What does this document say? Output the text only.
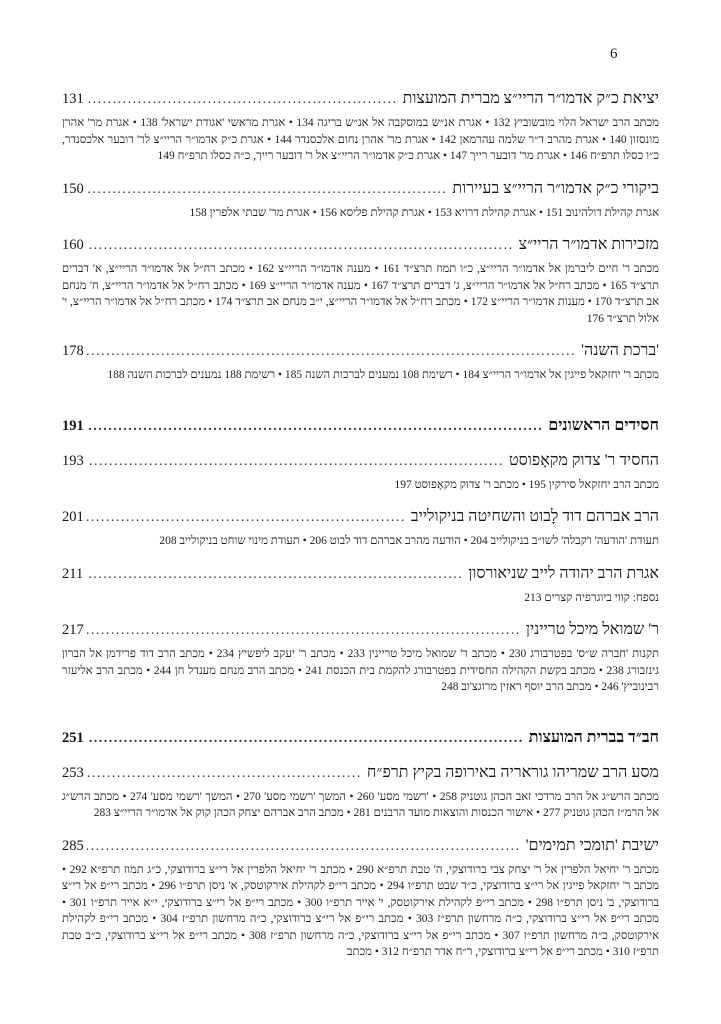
6
יציאת כ״ק אדמו״ר הריי״צ מברית המועצות
.....
131

מכתב הרב ישראל הלוי מובשוביץ 132 • אגרת אנ״ש במוסקבה אל אנ״ש בריגה 134 • אגרת מראשי 'אגודת ישראל' 138 • אגרת מר' אהרן מונסזון 140 • אגרת מהרב ד״ר שלמה עהרמאן 142 • אגרת מר' אהרן נחום אלכסנדר 144 • אגרת כ״ק אדמו״ר הריי״צ לר' דובער אלכסנדר, כ״ו כסלו תרפ״ח 146 • אגרת מר' דובער רייך 147 • אגרת כ״ק אדמו״ר הריי״צ אל ר' דובער רייך, כ״ה כסלו תרפ״ח 149

ביקורי כ״ק אדמו״ר הריי״צ בעיירות
.....
150

אגרת קהילת דולהינוב 151 • אגרת קהילת דרויא 153 • אגרת קהילת פליסא 156 • אגרת מר' שבתי אלפרין 158

מזכירות אדמו״ר הריי״צ
.....
160

מכתב ר' חיים ליברמן אל אדמו״ר הריי״צ, כ״ו תמוז תרצ״ד 161 • מענה אדמו״ר הריי״צ 162 • מכתב רח״ל אל אדמו״ר הריי״צ, א' דברים תרצ״ד 165 • מכתב רח״ל אל אדמו״ר הריי״צ, ג' דברים תרצ״ד 167 • מענה אדמו״ר הריי״צ 169 • מכתב רח״ל אל אדמו״ר הריי״צ, ח' מנחם אב תרצ״ד 170 • מענות אדמו״ר הריי״צ 172 • מכתב רח״ל אל אדמו״ר הריי״צ, י״ב מנחם אב תרצ״ד 174 • מכתב רח״ל אל אדמו״ר הריי״צ, י' אלול תרצ״ד 176

'ברכת השנה'
.....
178

מכתב ר' יחזקאל פייגין אל אדמו״ר הריי״צ 184 • רשימת 108 נמענים לברכות השנה 185 • רשימת 188 נמענים לברכות השנה 188

חסידים הראשונים
.....
191
החסיד ר' צדוק מקאָפוסט
.....
193

מכתב הרב יחזקאל סירקין 195 • מכתב ר' צדוק מקאָפוסט 197

הרב אברהם דוד לָבוט והשחיטה בניקולייב
.....
201

תעודת 'הודעה' ו'קבלה' לשו״ב בניקולייב 204 • הודעה מהרב אברהם דוד לבוט 206 • תעודת מינוי שוחט בניקולייב 208

אגרת הרב יהודה לייב שניאורסון
.....
211

נספח: קווי ביוגרפיה קצרים 213

ר' שמואל מיכל טריינין
.....
217

תקנות 'חברה ש״ס' בפטרבורג 230 • מכתב ר' שמואל מיכל טריינין 233 • מכתב ר' יעקב ליפשיץ 234 • מכתב הרב דוד פרידמן אל הברון גינזבורג 238 • מכתב בקשת הקהילה החסידית בפטרבורג להקמת בית הכנסת 241 • מכתב הרב מנחם מענדל חן 244 • מכתב הרב אליעזר רבינוביץ' 246 • מכתב הרב יוסף ראזין מרוגצ'וב 248

חב״ד בברית המועצות
.....
251
מסע הרב שמריהו גוראריה באירופה בקיץ תרפ״ח
.....
253

מכתב הרש״ג אל הרב מרדכי זאב הכהן גוטניק 258 • 'רשמי מסע' 260 • המשך 'רשמי מסע' 270 • המשך 'רשמי מסע' 274 • מכתב הרש״ג אל הרמ״ז הכהן גוטניק 277 • אישור הכנסות והוצאות מועד הרבנים 281 • מכתב הרב אברהם יצחק הכהן קוק אל אדמו״ר הריי״צ 283

ישיבת 'תומכי תמימים'
.....
285

מכתב ר' יחיאל הלפרין אל ר' יצחק צבי ברודוצקי, ה' טבת תרפ״א 290 • מכתב ר' יחיאל הלפרין אל רי״צ ברודוצקי, כ״ג תמוז תרפ״א 292 • מכתב ר' יחזקאל פייגין אל רי״צ ברודוצקי, כ״ד שבט תרפ״ו 294 • מכתב רי״פ לקהילת אירקוטסק, א' ניסן תרפ״ו 296 • מכתב רי״פ אל רי״צ ברודוצקי, ב' ניסן תרפ״ו 298 • מכתב רי״פ לקהילת אירקוטסק, י' אייר תרפ״ו 300 • מכתב רי״פ אל רי״צ ברודוצקי, י״א אייר תרפ״ו 301 • מכתב רי״פ אל רי״צ ברודוצקי, כ״ה מרחשון תרפ״ז 303 • מכתב רי״פ אל רי״צ ברודוצקי, כ״ה מרחשון תרפ״ז 304 • מכתב רי״פ לקהילת אירקוטסק, כ״ה מרחשון תרפ״ז 307 • מכתב רי״פ אל רי״צ ברודוצקי, כ״ה מרחשון תרפ״ז 308 • מכתב רי״פ אל רי״צ ברודוצקי, כ״ב טבת תרפ״ז 310 • מכתב רי״פ אל רי״צ ברודוצקי, ר״ח אדר תרפ״ח 312 • מכתב
